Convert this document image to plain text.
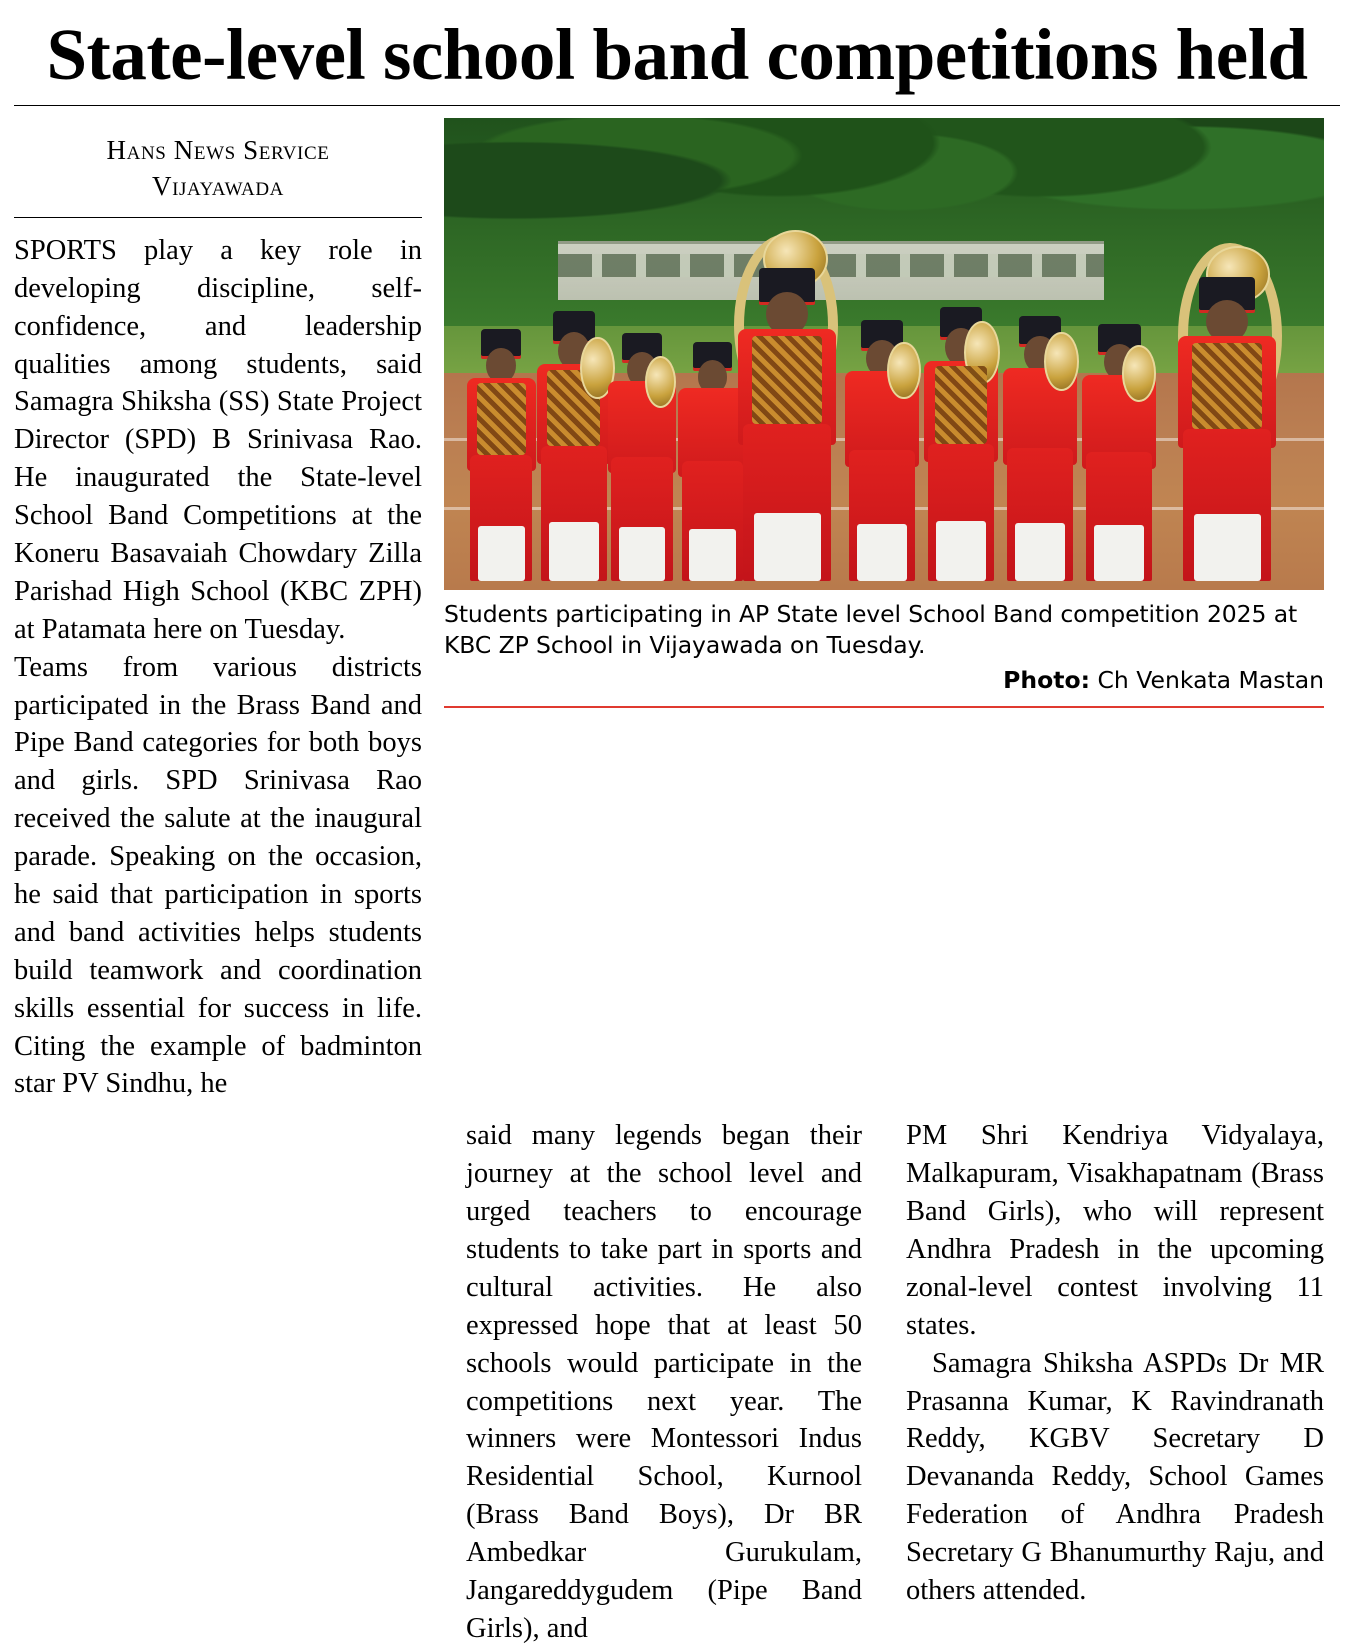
State-level school band competitions held
Hans News Service
Vijayawada

SPORTS play a key role in developing discipline, self-confidence, and leadership qualities among students, said Samagra Shiksha (SS) State Project Director (SPD) B Srinivasa Rao. He inaugurated the State-level School Band Competitions at the Koneru Basavaiah Chowdary Zilla Parishad High School (KBC ZPH) at Patamata here on Tuesday.

Teams from various districts participated in the Brass Band and Pipe Band categories for both boys and girls. SPD Srinivasa Rao received the salute at the inaugural parade. Speaking on the occasion, he said that participation in sports and band activities helps students build teamwork and coordination skills essential for success in life. Citing the example of badminton star PV Sindhu, he

Students participating in AP State level School Band competition 2025 at KBC ZP School in Vijayawada on Tuesday.
Photo: Ch Venkata Mastan

said many legends began their journey at the school level and urged teachers to encourage students to take part in sports and cultural activities. He also expressed hope that at least 50 schools would participate in the competitions next year. The winners were Montessori Indus Residential School, Kurnool (Brass Band Boys), Dr BR Ambedkar Gurukulam, Jangareddygudem (Pipe Band Girls), and

PM Shri Kendriya Vidyalaya, Malkapuram, Visakhapatnam (Brass Band Girls), who will represent Andhra Pradesh in the upcoming zonal-level contest involving 11 states.

Samagra Shiksha ASPDs Dr MR Prasanna Kumar, K Ravindranath Reddy, KGBV Secretary D Devananda Reddy, School Games Federation of Andhra Pradesh Secretary G Bhanumurthy Raju, and others attended.
